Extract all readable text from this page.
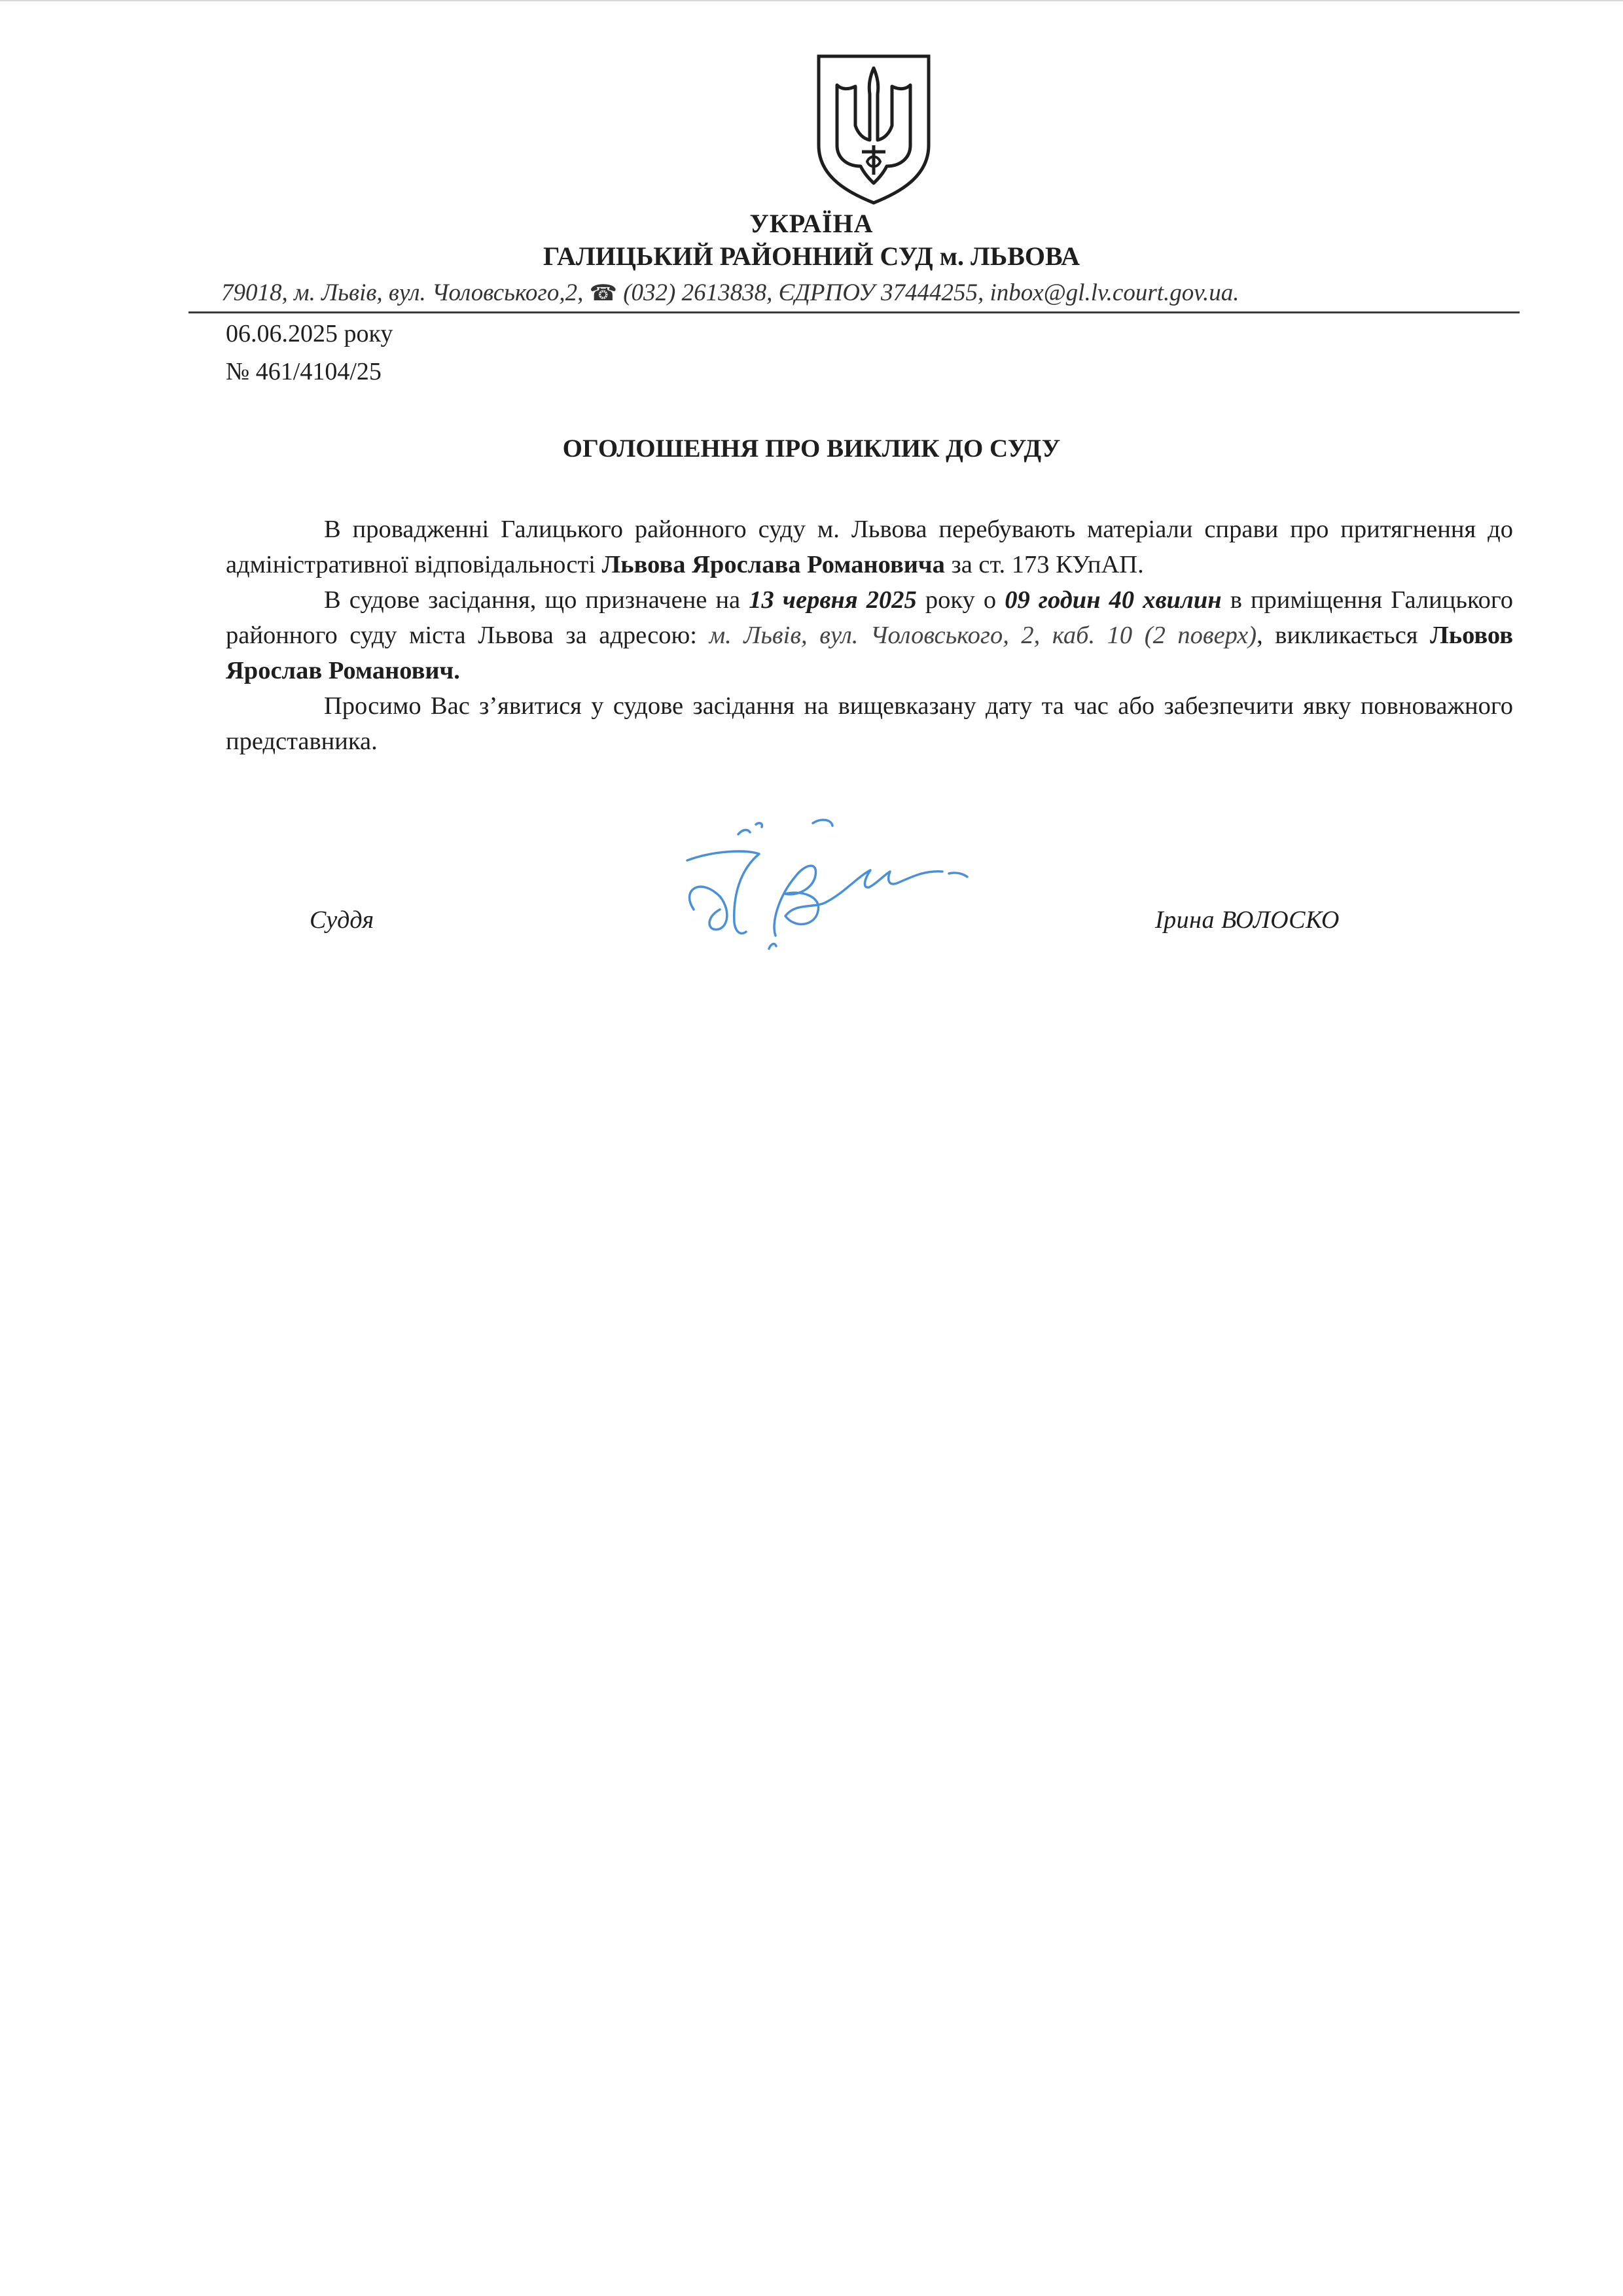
УКРАЇНА
ГАЛИЦЬКИЙ РАЙОННИЙ СУД м. ЛЬВОВА
79018, м. Львів, вул. Чоловського,2, ☎ (032) 2613838, ЄДРПОУ 37444255, inbox@gl.lv.court.gov.ua.
06.06.2025 року
№ 461/4104/25
ОГОЛОШЕННЯ ПРО ВИКЛИК ДО СУДУ

В провадженні Галицького районного суду м. Львова перебувають матеріали справи про притягнення до адміністративної відповідальності Львова Ярослава Романовича за ст. 173 КУпАП.

В судове засідання, що призначене на 13 червня 2025 року о 09 годин 40 хвилин в приміщення Галицького районного суду міста Львова за адресою: м. Львів, вул. Чоловського, 2, каб. 10 (2 поверх), викликається Льовов Ярослав Романович.

Просимо Вас з’явитися у судове засідання на вищевказану дату та час або забезпечити явку повноважного представника.

Суддя	Ірина ВОЛОСКО
